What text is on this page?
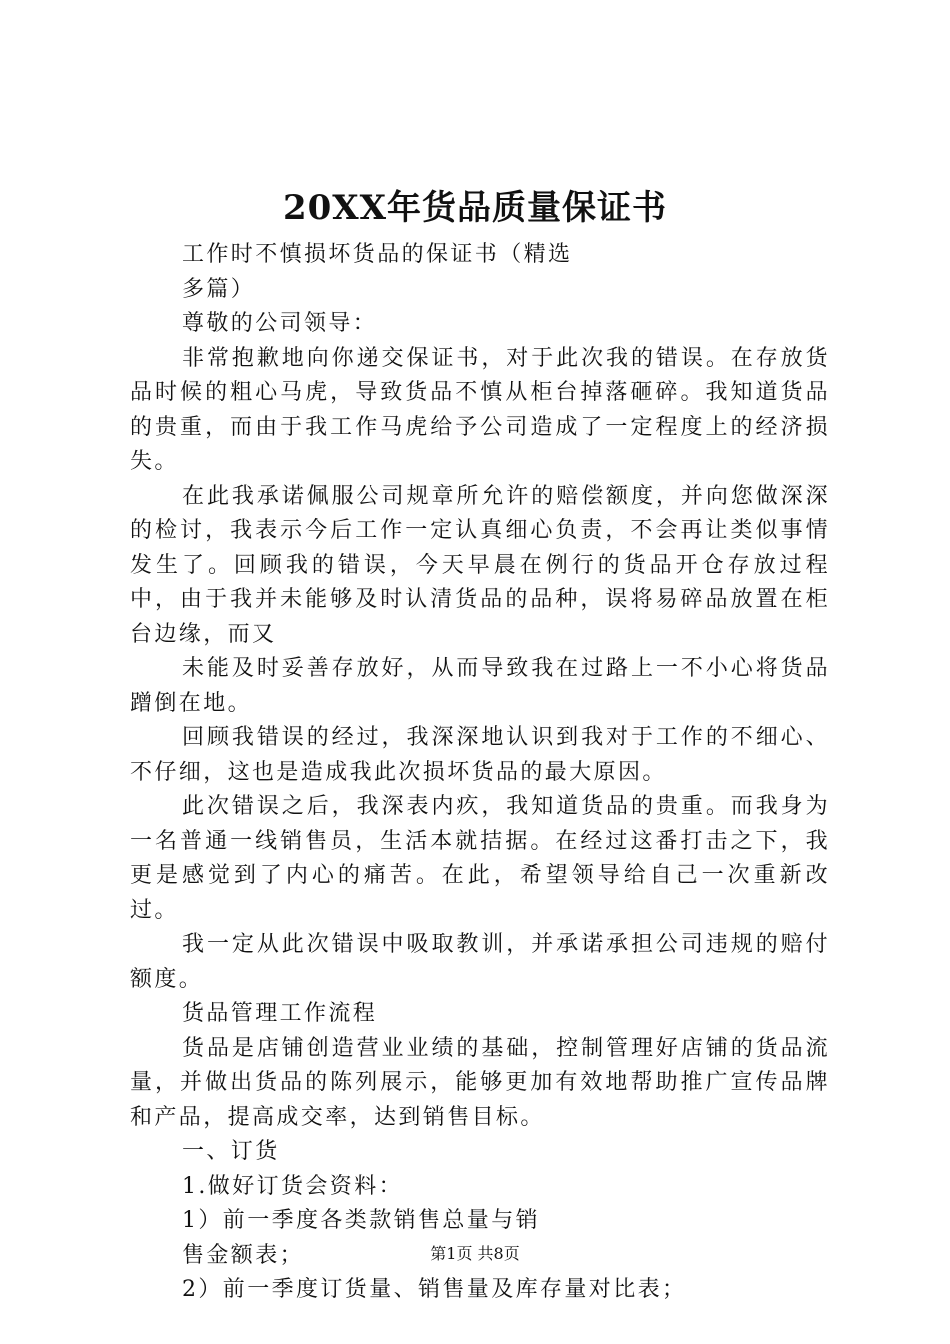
20XX年货品质量保证书

工作时不慎损坏货品的保证书（精选

多篇）

尊敬的公司领导：

非常抱歉地向你递交保证书，对于此次我的错误。在存放货品时候的粗心马虎，导致货品不慎从柜台掉落砸碎。我知道货品的贵重，而由于我工作马虎给予公司造成了一定程度上的经济损失。

在此我承诺佩服公司规章所允许的赔偿额度，并向您做深深的检讨，我表示今后工作一定认真细心负责，不会再让类似事情发生了。回顾我的错误，今天早晨在例行的货品开仓存放过程中，由于我并未能够及时认清货品的品种，误将易碎品放置在柜台边缘，而又

未能及时妥善存放好，从而导致我在过路上一不小心将货品蹭倒在地。

回顾我错误的经过，我深深地认识到我对于工作的不细心、不仔细，这也是造成我此次损坏货品的最大原因。

此次错误之后，我深表内疚，我知道货品的贵重。而我身为一名普通一线销售员，生活本就拮据。在经过这番打击之下，我更是感觉到了内心的痛苦。在此，希望领导给自己一次重新改过。

我一定从此次错误中吸取教训，并承诺承担公司违规的赔付额度。

货品管理工作流程

货品是店铺创造营业业绩的基础，控制管理好店铺的货品流量，并做出货品的陈列展示，能够更加有效地帮助推广宣传品牌和产品，提高成交率，达到销售目标。

一、订货

1.做好订货会资料：

1）前一季度各类款销售总量与销

售金额表；

2）前一季度订货量、销售量及库存量对比表；

第1页 共8页
